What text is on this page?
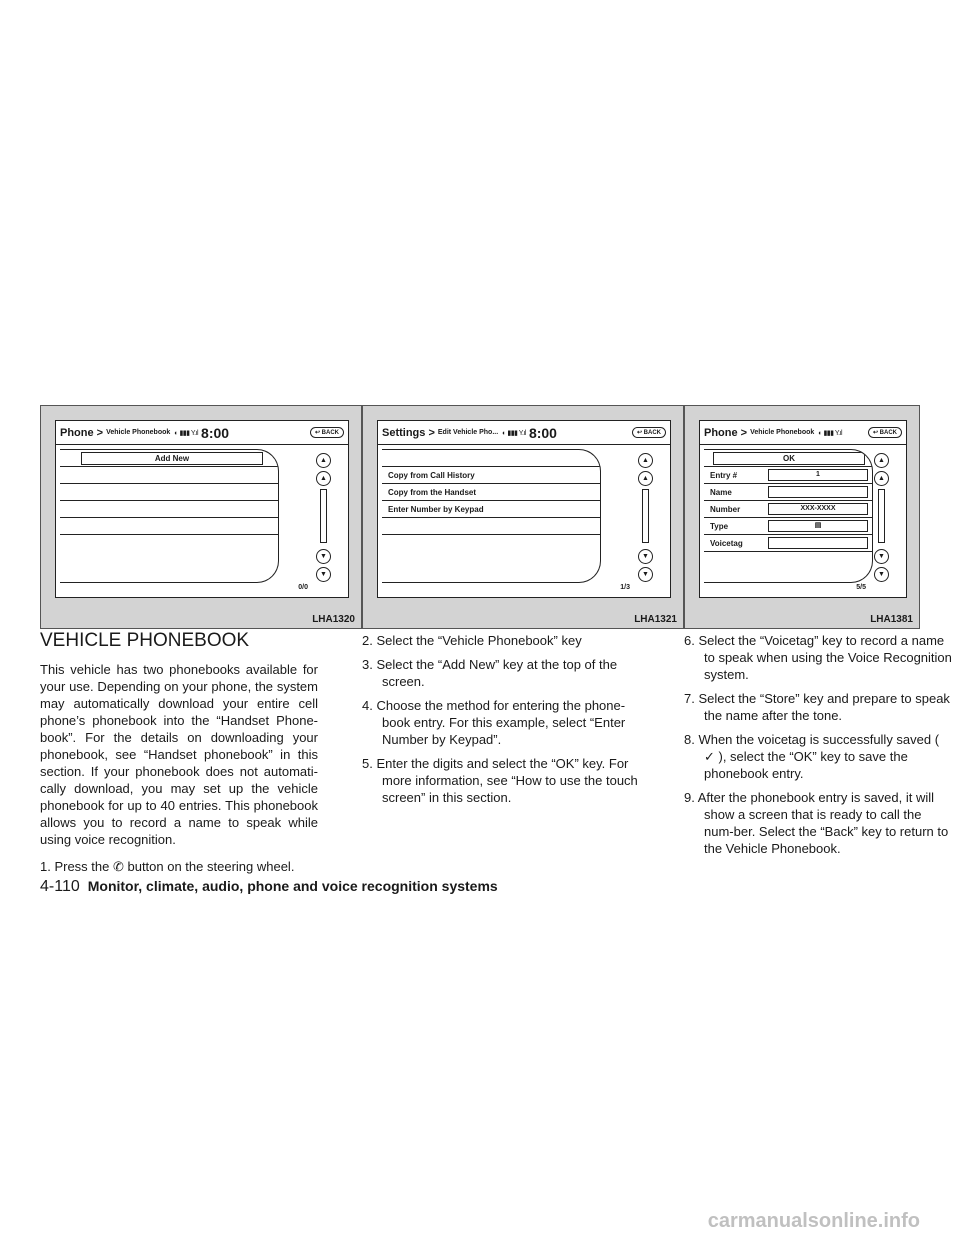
Phone > Vehicle Phonebook ◐ ▮▮▮ Y.ıl 8:00	↩ BACK
Add New	▲
▲
▼
▼
0/0
LHA1320
Settings > Edit Vehicle Pho... ◐ ▮▮▮ Y.ıl 8:00	↩ BACK
Copy from Call History
Copy from the Handset
Enter Number by Keypad
▲
▲
▼
▼
1/3
LHA1321
Phone > Vehicle Phonebook ◐ ▮▮▮ Y.ıl	↩ BACK
OK
Entry #	1
Name
Number	XXX-XXXX
Type	▤
Voicetag
▲
▲
▼
▼
5/5
LHA1381
VEHICLE PHONEBOOK

This vehicle has two phonebooks available for your use. Depending on your phone, the system may automatically download your entire cell phone’s phonebook into the “Handset Phone-book”. For the details on downloading your phonebook, see “Handset phonebook” in this section. If your phonebook does not automati-cally download, you may set up the vehicle phonebook for up to 40 entries. This phonebook allows you to record a name to speak while using voice recognition.

1. Press the ✆ button on the steering wheel.

2. Select the “Vehicle Phonebook” key

3. Select the “Add New” key at the top of the screen.

4. Choose the method for entering the phone-book entry. For this example, select “Enter Number by Keypad”.

5. Enter the digits and select the “OK” key. For more information, see “How to use the touch screen” in this section.

6. Select the “Voicetag” key to record a name to speak when using the Voice Recognition system.

7. Select the “Store” key and prepare to speak the name after the tone.

8. When the voicetag is successfully saved ( ✓ ), select the “OK” key to save the phonebook entry.

9. After the phonebook entry is saved, it will show a screen that is ready to call the num-ber. Select the “Back” key to return to the Vehicle Phonebook.

4-110 Monitor, climate, audio, phone and voice recognition systems
carmanualsonline.info
